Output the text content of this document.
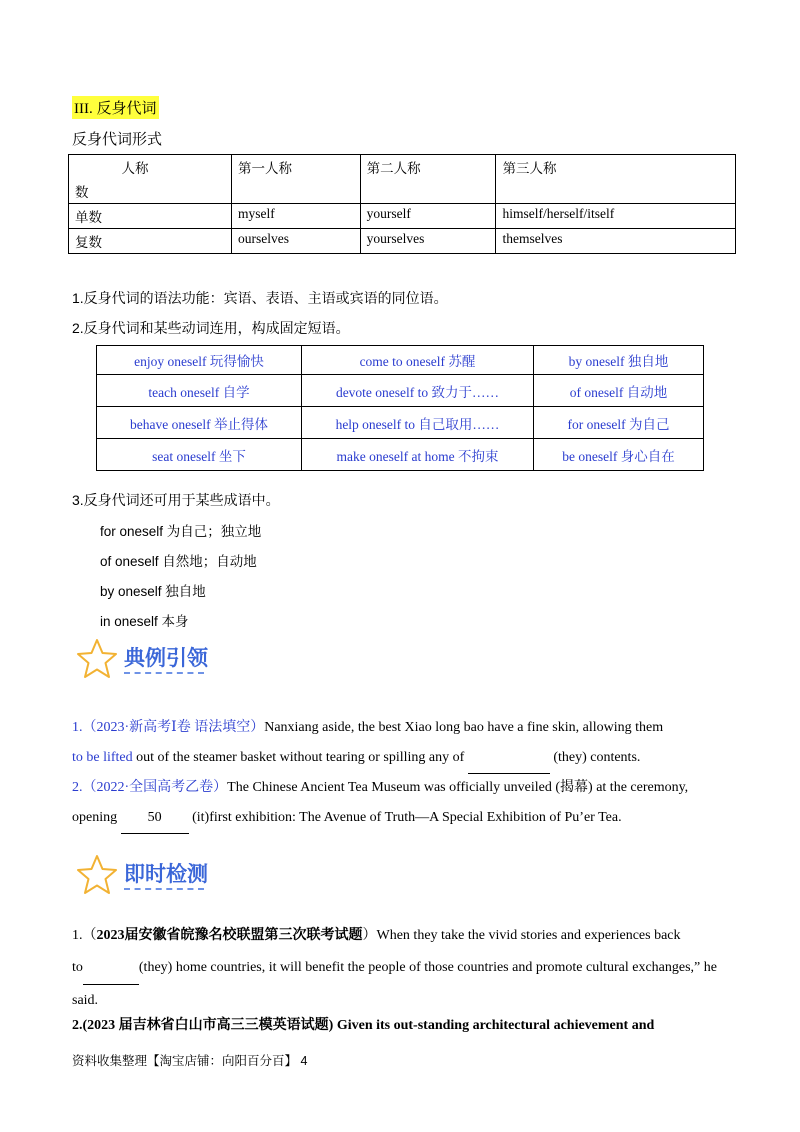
III. 反身代词
反身代词形式
人称
数	第一人称	第二人称	第三人称
单数	myself	yourself	himself/herself/itself
复数	ourselves	yourselves	themselves
1.反身代词的语法功能：宾语、表语、主语或宾语的同位语。
2.反身代词和某些动词连用，构成固定短语。
enjoy oneself 玩得愉快	come to oneself 苏醒	by oneself 独自地
teach oneself 自学	devote oneself to 致力于……	of oneself 自动地
behave oneself 举止得体	help oneself to 自己取用……	for oneself 为自己
seat oneself 坐下	make oneself at home 不拘束	be oneself 身心自在
3.反身代词还可用于某些成语中。
for oneself 为自己；独立地
of oneself 自然地；自动地
by oneself 独自地
in oneself 本身
典例引领
1.（2023·新高考Ⅰ卷 语法填空）Nanxiang aside, the best Xiao long bao have a fine skin, allowing them
to be lifted out of the steamer basket without tearing or spilling any of	(they) contents.
2.（2022·全国高考乙卷）The Chinese Ancient Tea Museum was officially unveiled (揭幕) at the ceremony,
opening 50 (it)first exhibition: The Avenue of Truth—A Special Exhibition of Pu’er Tea.
即时检测
1.（2023届安徽省皖豫名校联盟第三次联考试题）When they take the vivid stories and experiences back
to	(they) home countries, it will benefit the people of those countries and promote cultural exchanges,” he
said.
2.(2023 届吉林省白山市高三三模英语试题) Given its out-standing architectural achievement and
资料收集整理【淘宝店铺：向阳百分百】 4
